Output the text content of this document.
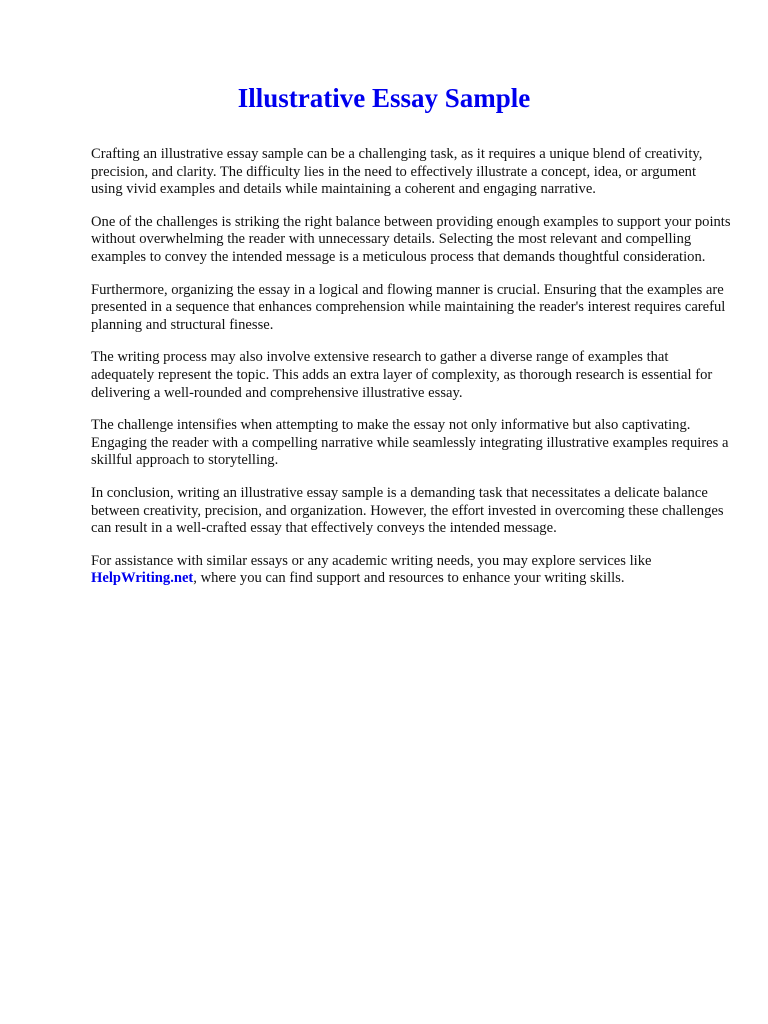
Illustrative Essay Sample

Crafting an illustrative essay sample can be a challenging task, as it requires a unique blend of creativity, precision, and clarity. The difficulty lies in the need to effectively illustrate a concept, idea, or argument using vivid examples and details while maintaining a coherent and engaging narrative.

One of the challenges is striking the right balance between providing enough examples to support your points without overwhelming the reader with unnecessary details. Selecting the most relevant and compelling examples to convey the intended message is a meticulous process that demands thoughtful consideration.

Furthermore, organizing the essay in a logical and flowing manner is crucial. Ensuring that the examples are presented in a sequence that enhances comprehension while maintaining the reader's interest requires careful planning and structural finesse.

The writing process may also involve extensive research to gather a diverse range of examples that adequately represent the topic. This adds an extra layer of complexity, as thorough research is essential for delivering a well-rounded and comprehensive illustrative essay.

The challenge intensifies when attempting to make the essay not only informative but also captivating. Engaging the reader with a compelling narrative while seamlessly integrating illustrative examples requires a skillful approach to storytelling.

In conclusion, writing an illustrative essay sample is a demanding task that necessitates a delicate balance between creativity, precision, and organization. However, the effort invested in overcoming these challenges can result in a well-crafted essay that effectively conveys the intended message.

For assistance with similar essays or any academic writing needs, you may explore services like
HelpWriting.net, where you can find support and resources to enhance your writing skills.
